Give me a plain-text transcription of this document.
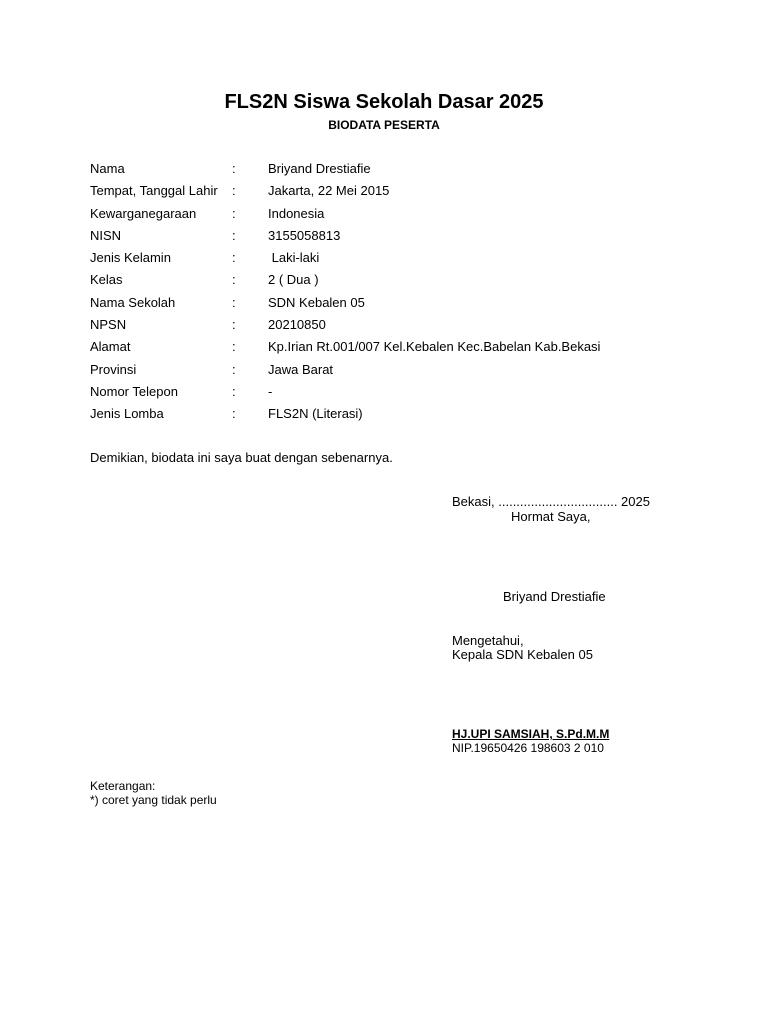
FLS2N Siswa Sekolah Dasar 2025
BIODATA PESERTA
Nama	: Briyand Drestiafie
Tempat, Tanggal Lahir : Jakarta, 22 Mei 2015
Kewarganegaraan	: Indonesia
NISN	: 3155058813
Jenis Kelamin	: Laki-laki
Kelas	: 2 ( Dua )
Nama Sekolah	: SDN Kebalen 05
NPSN	: 20210850
Alamat	: Kp.Irian Rt.001/007 Kel.Kebalen Kec.Babelan Kab.Bekasi
Provinsi	: Jawa Barat
Nomor Telepon	: -
Jenis Lomba	: FLS2N (Literasi)
Demikian, biodata ini saya buat dengan sebenarnya.
Bekasi, ................................. 2025
Hormat Saya,
Briyand Drestiafie
Mengetahui,
Kepala SDN Kebalen 05
HJ.UPI SAMSIAH, S.Pd.M.M
NIP.19650426 198603 2 010
Keterangan:
*) coret yang tidak perlu
